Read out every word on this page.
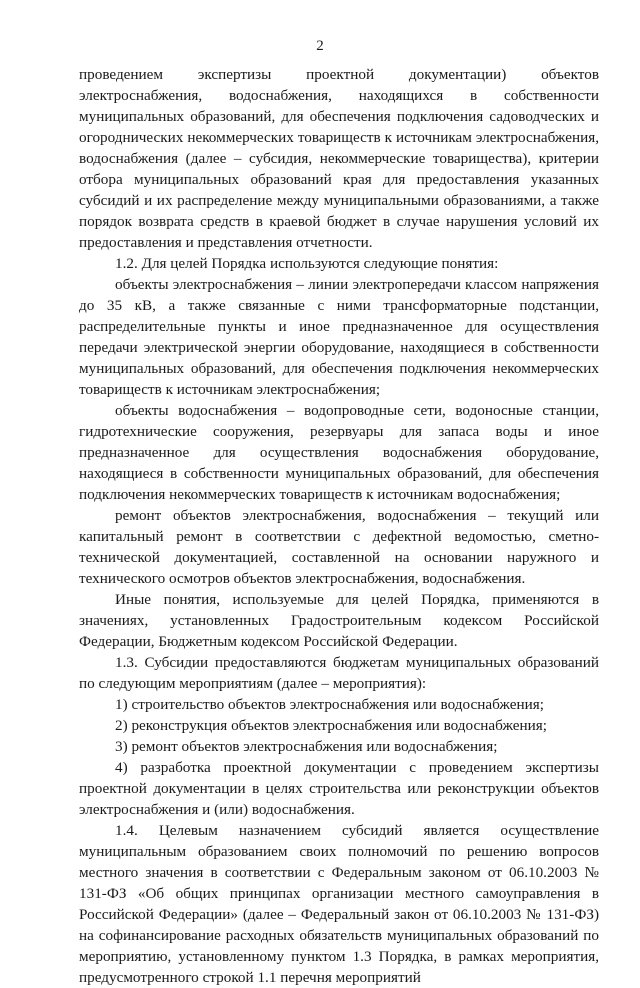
2

проведением экспертизы проектной документации) объектов электроснабжения, водоснабжения, находящихся в собственности муниципальных образований, для обеспечения подключения садоводческих и огороднических некоммерческих товариществ к источникам электроснабжения, водоснабжения (далее – субсидия, некоммерческие товарищества), критерии отбора муниципальных образований края для предоставления указанных субсидий и их распределение между муниципальными образованиями, а также порядок возврата средств в краевой бюджет в случае нарушения условий их предоставления и представления отчетности.

1.2. Для целей Порядка используются следующие понятия:

объекты электроснабжения – линии электропередачи классом напряжения до 35 кВ, а также связанные с ними трансформаторные подстанции, распределительные пункты и иное предназначенное для осуществления передачи электрической энергии оборудование, находящиеся в собственности муниципальных образований, для обеспечения подключения некоммерческих товариществ к источникам электроснабжения;

объекты водоснабжения – водопроводные сети, водоносные станции, гидротехнические сооружения, резервуары для запаса воды и иное предназначенное для осуществления водоснабжения оборудование, находящиеся в собственности муниципальных образований, для обеспечения подключения некоммерческих товариществ к источникам водоснабжения;

ремонт объектов электроснабжения, водоснабжения – текущий или капитальный ремонт в соответствии с дефектной ведомостью, сметно-технической документацией, составленной на основании наружного и технического осмотров объектов электроснабжения, водоснабжения.

Иные понятия, используемые для целей Порядка, применяются в значениях, установленных Градостроительным кодексом Российской Федерации, Бюджетным кодексом Российской Федерации.

1.3. Субсидии предоставляются бюджетам муниципальных образований по следующим мероприятиям (далее – мероприятия):

1) строительство объектов электроснабжения или водоснабжения;

2) реконструкция объектов электроснабжения или водоснабжения;

3) ремонт объектов электроснабжения или водоснабжения;

4) разработка проектной документации с проведением экспертизы проектной документации в целях строительства или реконструкции объектов электроснабжения и (или) водоснабжения.

1.4. Целевым назначением субсидий является осуществление муниципальным образованием своих полномочий по решению вопросов местного значения в соответствии с Федеральным законом от 06.10.2003 № 131-ФЗ «Об общих принципах организации местного самоуправления в Российской Федерации» (далее – Федеральный закон от 06.10.2003 № 131-ФЗ) на софинансирование расходных обязательств муниципальных образований по мероприятию, установленному пунктом 1.3 Порядка, в рамках мероприятия, предусмотренного строкой 1.1 перечня мероприятий
